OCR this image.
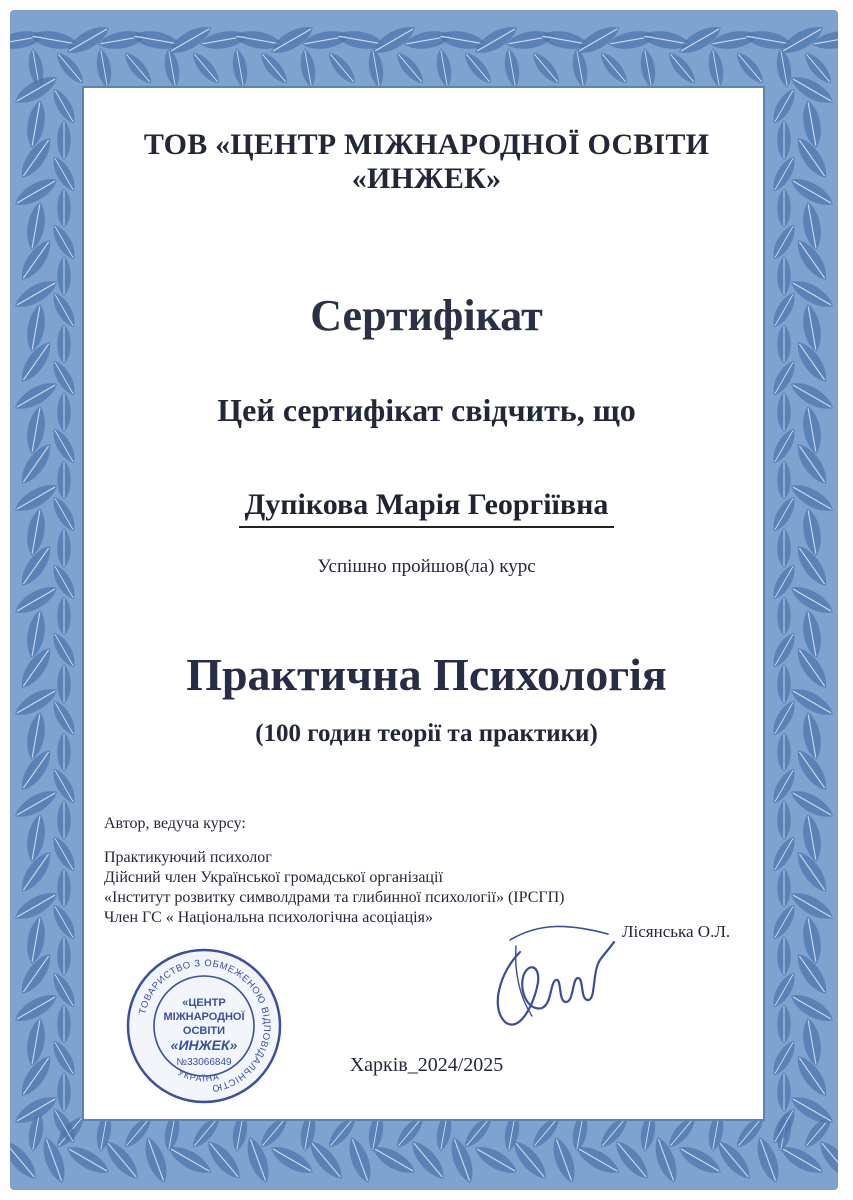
ТОВ «ЦЕНТР МІЖНАРОДНОЇ ОСВІТИ
«ИНЖЕК»
Сертифікат
Цей сертифікат свідчить, що
Дупікова Марія Георгіївна
Успішно пройшов(ла) курс
Практична Психологія
(100 годин теорії та практики)
Автор, ведуча курсу:
Практикуючий психолог
Дійсний член Української громадської організації
«Інститут розвитку символдрами та глибинної психології» (ІРСГП)
Член ГС « Національна психологічна асоціація»
Лісянська О.Л.
ТОВАРИСТВО З ОБМЕЖЕНОЮ ВІДПОВІДАЛЬНІСТЮ
УКРАЇНА
«ЦЕНТР
МІЖНАРОДНОЇ
ОСВІТИ
«ИНЖЕК»
№33066849	Харків_2024/2025
